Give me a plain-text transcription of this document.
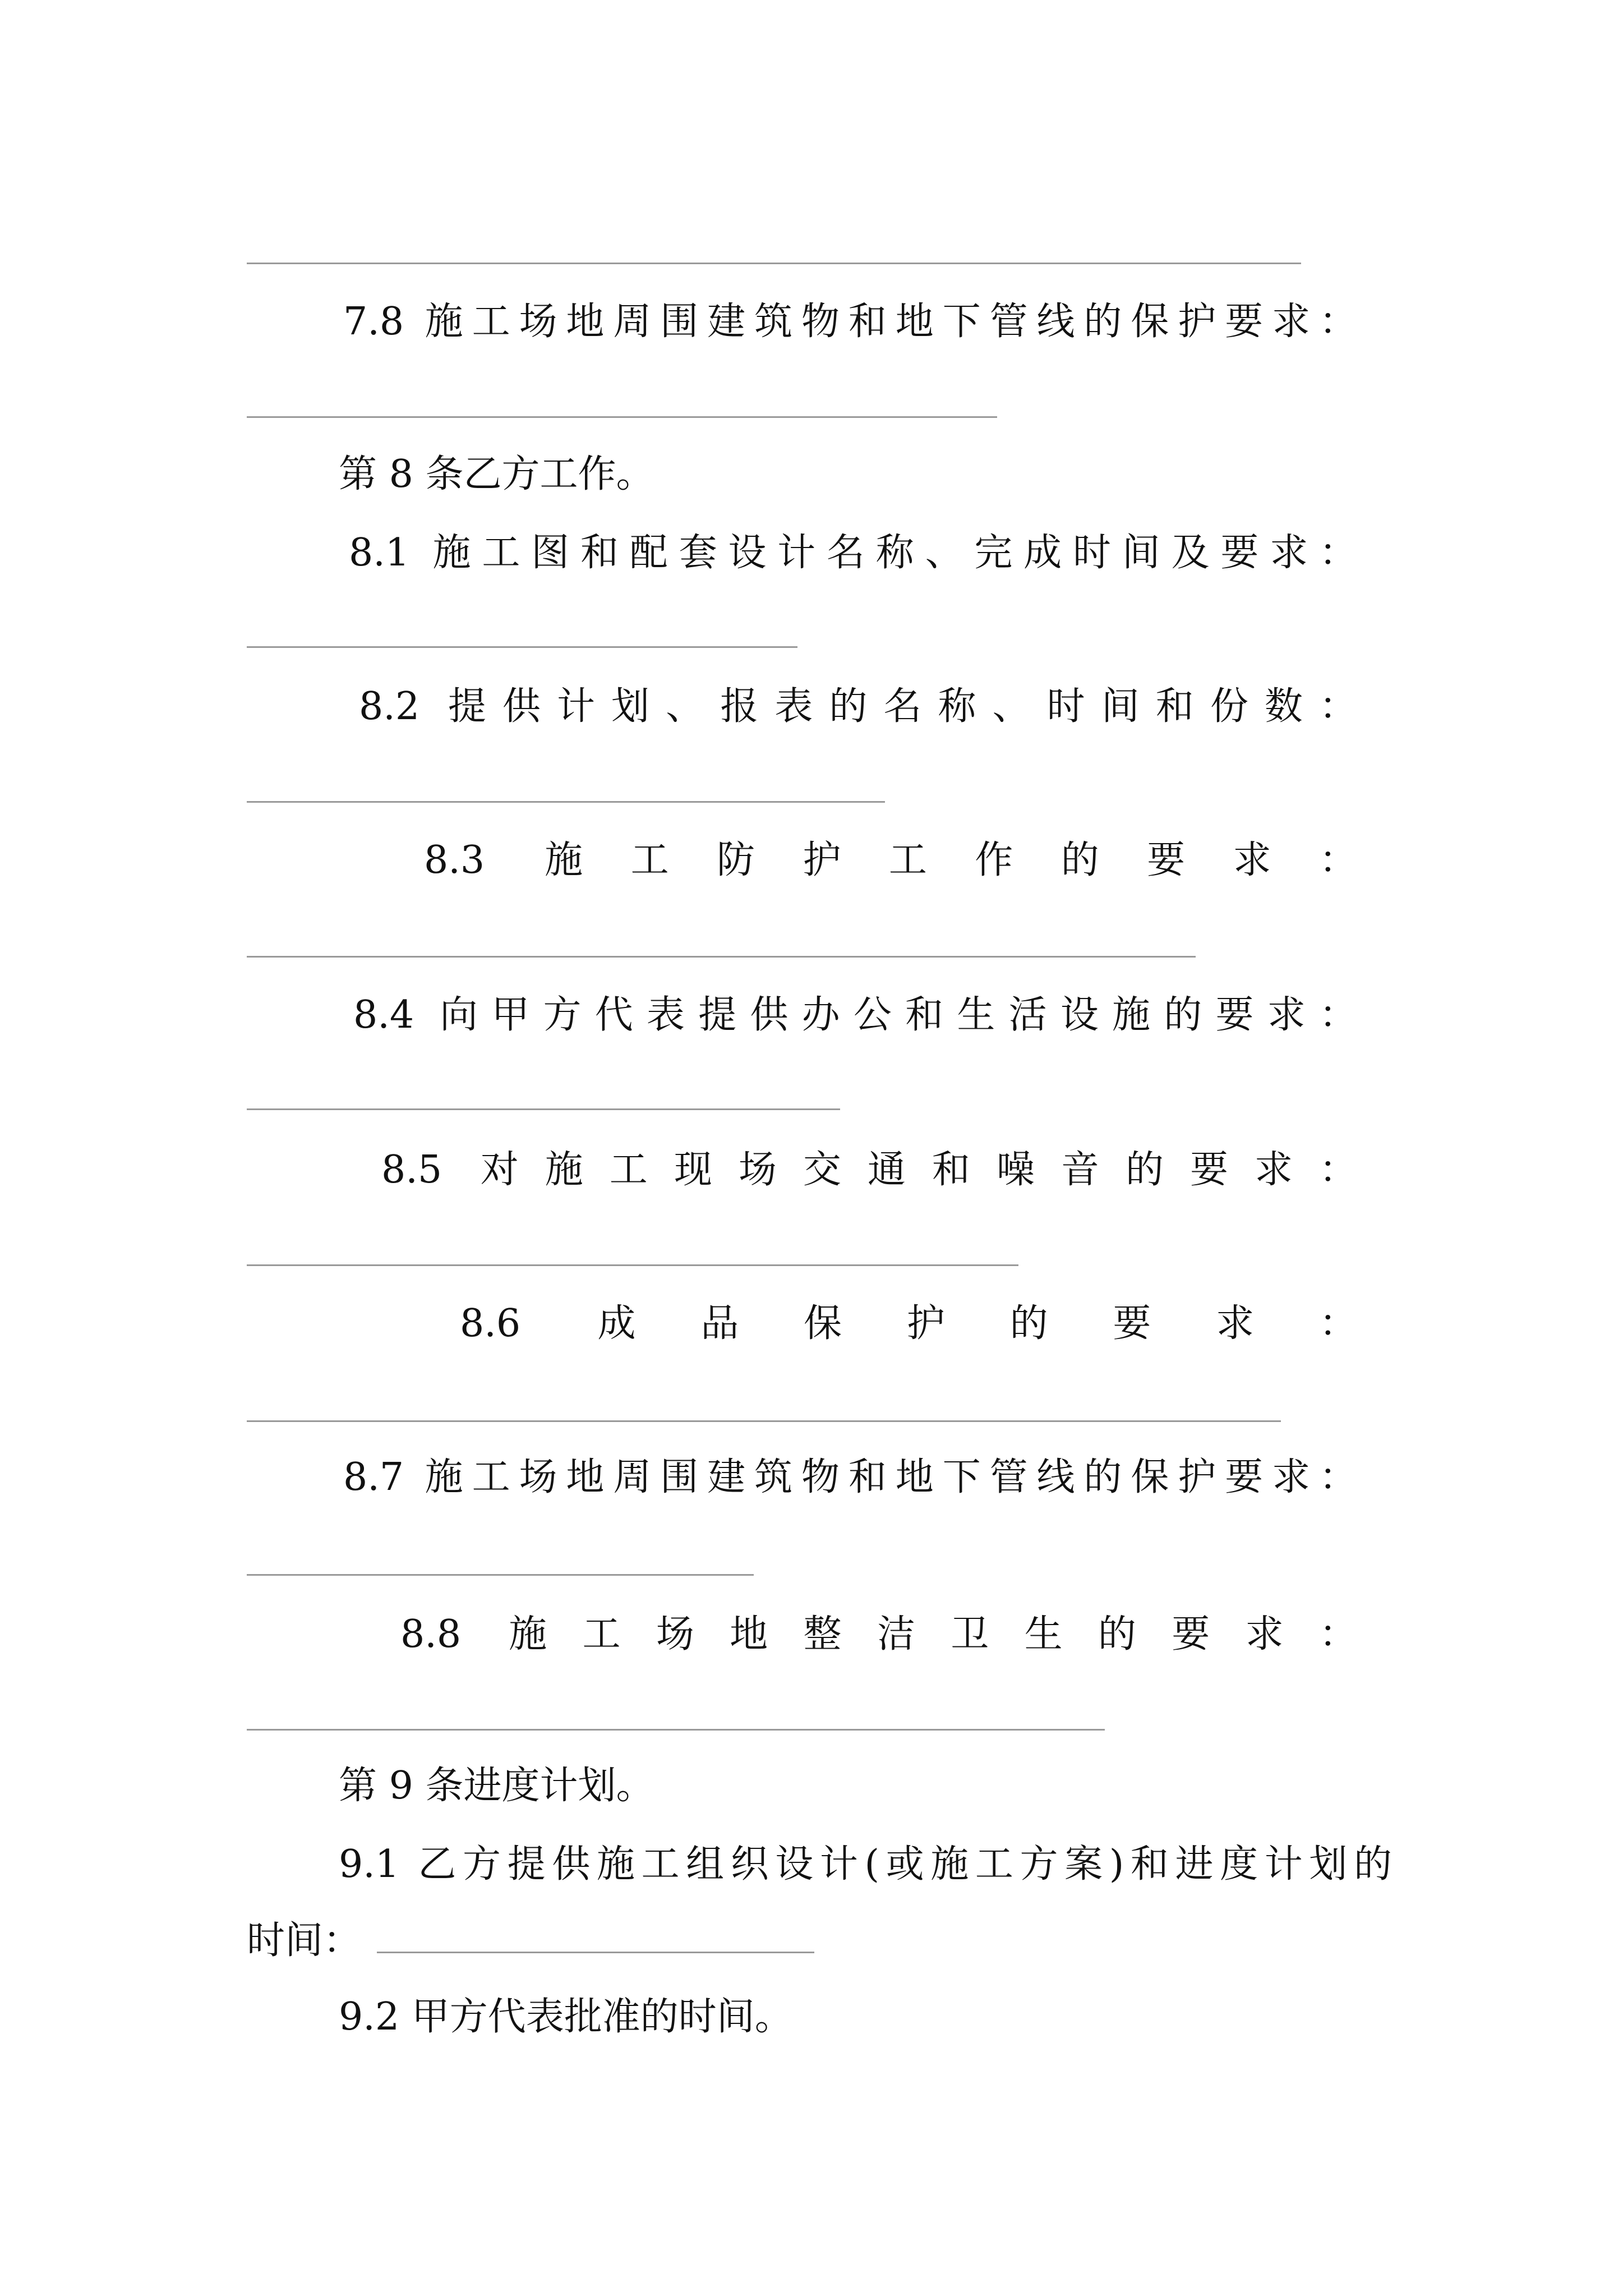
7.8 施工场地周围建筑物和地下管线的保护要求：
第 8 条乙方工作。
8.1 施工图和配套设计名称、完成时间及要求：
8.2 提供计划、报表的名称、时间和份数：
8.3 施工防护工作的要求：
8.4 向甲方代表提供办公和生活设施的要求：
8.5 对施工现场交通和噪音的要求：
8.6 成品保护的要求：
8.7 施工场地周围建筑物和地下管线的保护要求：
8.8 施工场地整洁卫生的要求：
第 9 条进度计划。
9.1 乙方提供施工组织设计(或施工方案)和进度计划的
时间：
9.2 甲方代表批准的时间。
